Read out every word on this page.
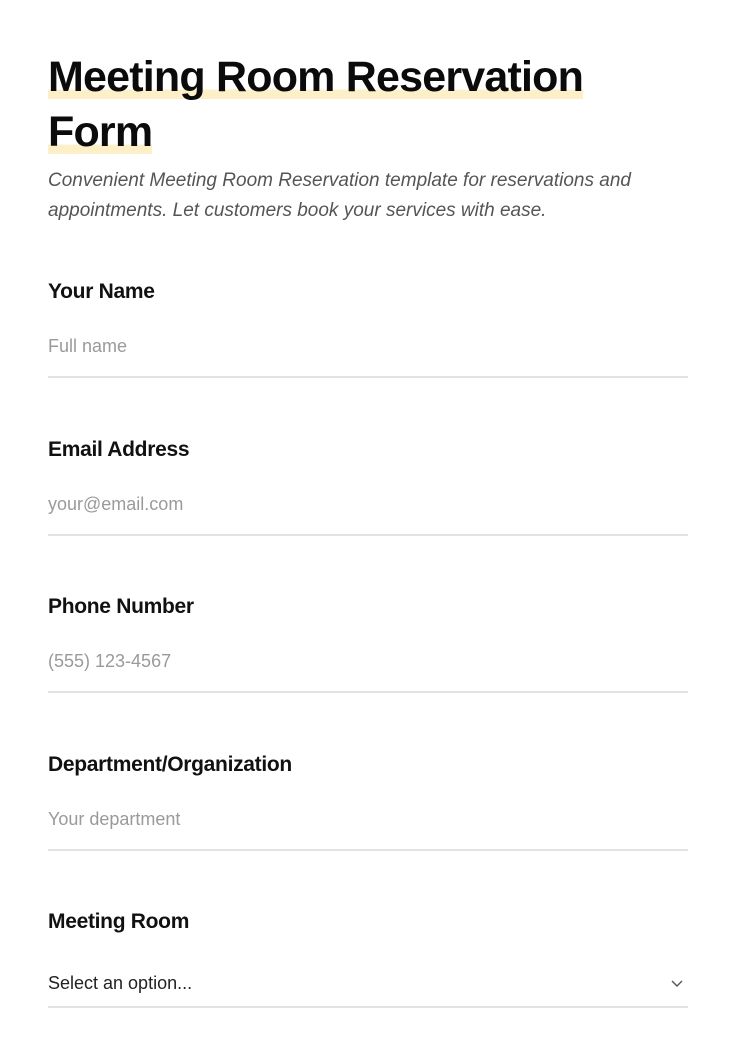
Meeting Room Reservation
Form

Convenient Meeting Room Reservation template for reservations and appointments. Let customers book your services with ease.

Your Name
Full name
Email Address
your@email.com
Phone Number
(555) 123-4567
Department/Organization
Your department
Meeting Room
Select an option...
